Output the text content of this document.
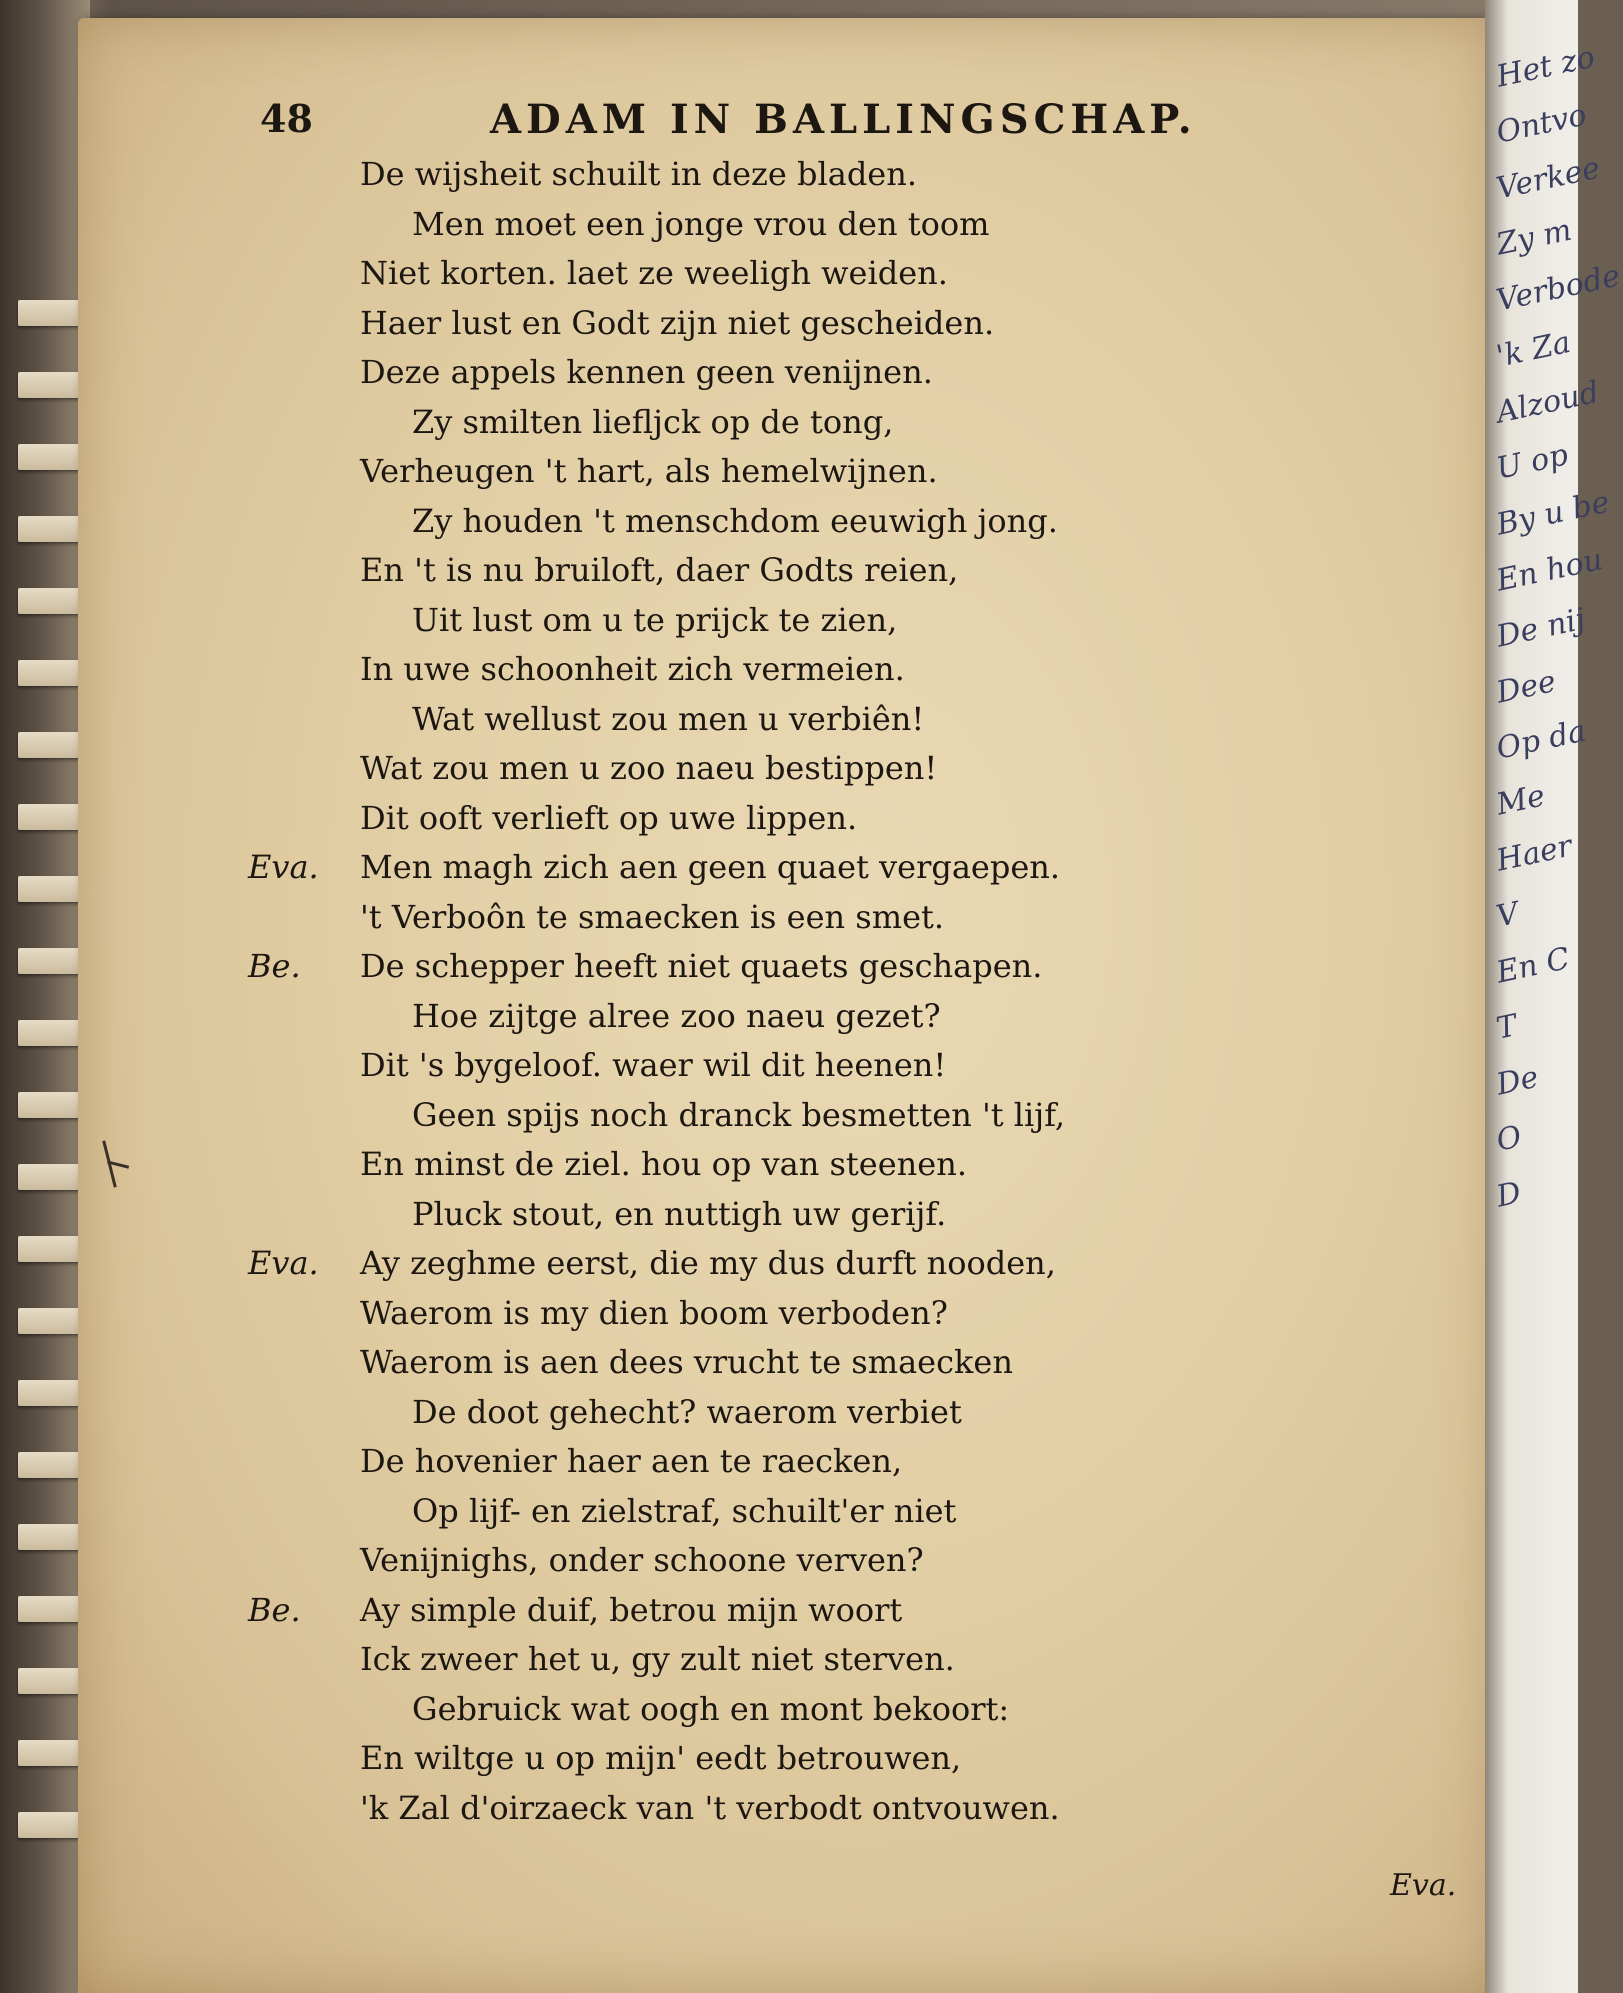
Het zo
Ontvo
Verkee
Zy m
Verbode
'k Za
Alzoud
U op
By u be
En hou
De nij
Dee
Op da
Me
Haer
V
En C
T
De
O
D
48	ADAM IN BALLINGSCHAP.
De wijsheit schuilt in deze bladen.
Men moet een jonge vrou den toom
Niet korten. laet ze weeligh weiden.
Haer lust en Godt zijn niet gescheiden.
Deze appels kennen geen venijnen.
Zy smilten liefljck op de tong,
Verheugen 't hart, als hemelwijnen.
Zy houden 't menschdom eeuwigh jong.
En 't is nu bruiloft, daer Godts reien,
Uit lust om u te prijck te zien,
In uwe schoonheit zich vermeien.
Wat wellust zou men u verbiên!
Wat zou men u zoo naeu bestippen!
Dit ooft verlieft op uwe lippen.
Eva. Men magh zich aen geen quaet vergaepen.
't Verboôn te smaecken is een smet.
Be. De schepper heeft niet quaets geschapen.
Hoe zijtge alree zoo naeu gezet?
Dit 's bygeloof. waer wil dit heenen!
Geen spijs noch dranck besmetten 't lijf,
En minst de ziel. hou op van steenen.
Pluck stout, en nuttigh uw gerijf.
Eva. Ay zeghme eerst, die my dus durft nooden,
Waerom is my dien boom verboden?
Waerom is aen dees vrucht te smaecken
De doot gehecht? waerom verbiet
De hovenier haer aen te raecken,
Op lijf- en zielstraf, schuilt'er niet
Venijnighs, onder schoone verven?
Be. Ay simple duif, betrou mijn woort
Ick zweer het u, gy zult niet sterven.
Gebruick wat oogh en mont bekoort:
En wiltge u op mijn' eedt betrouwen,
'k Zal d'oirzaeck van 't verbodt ontvouwen.
Eva.
